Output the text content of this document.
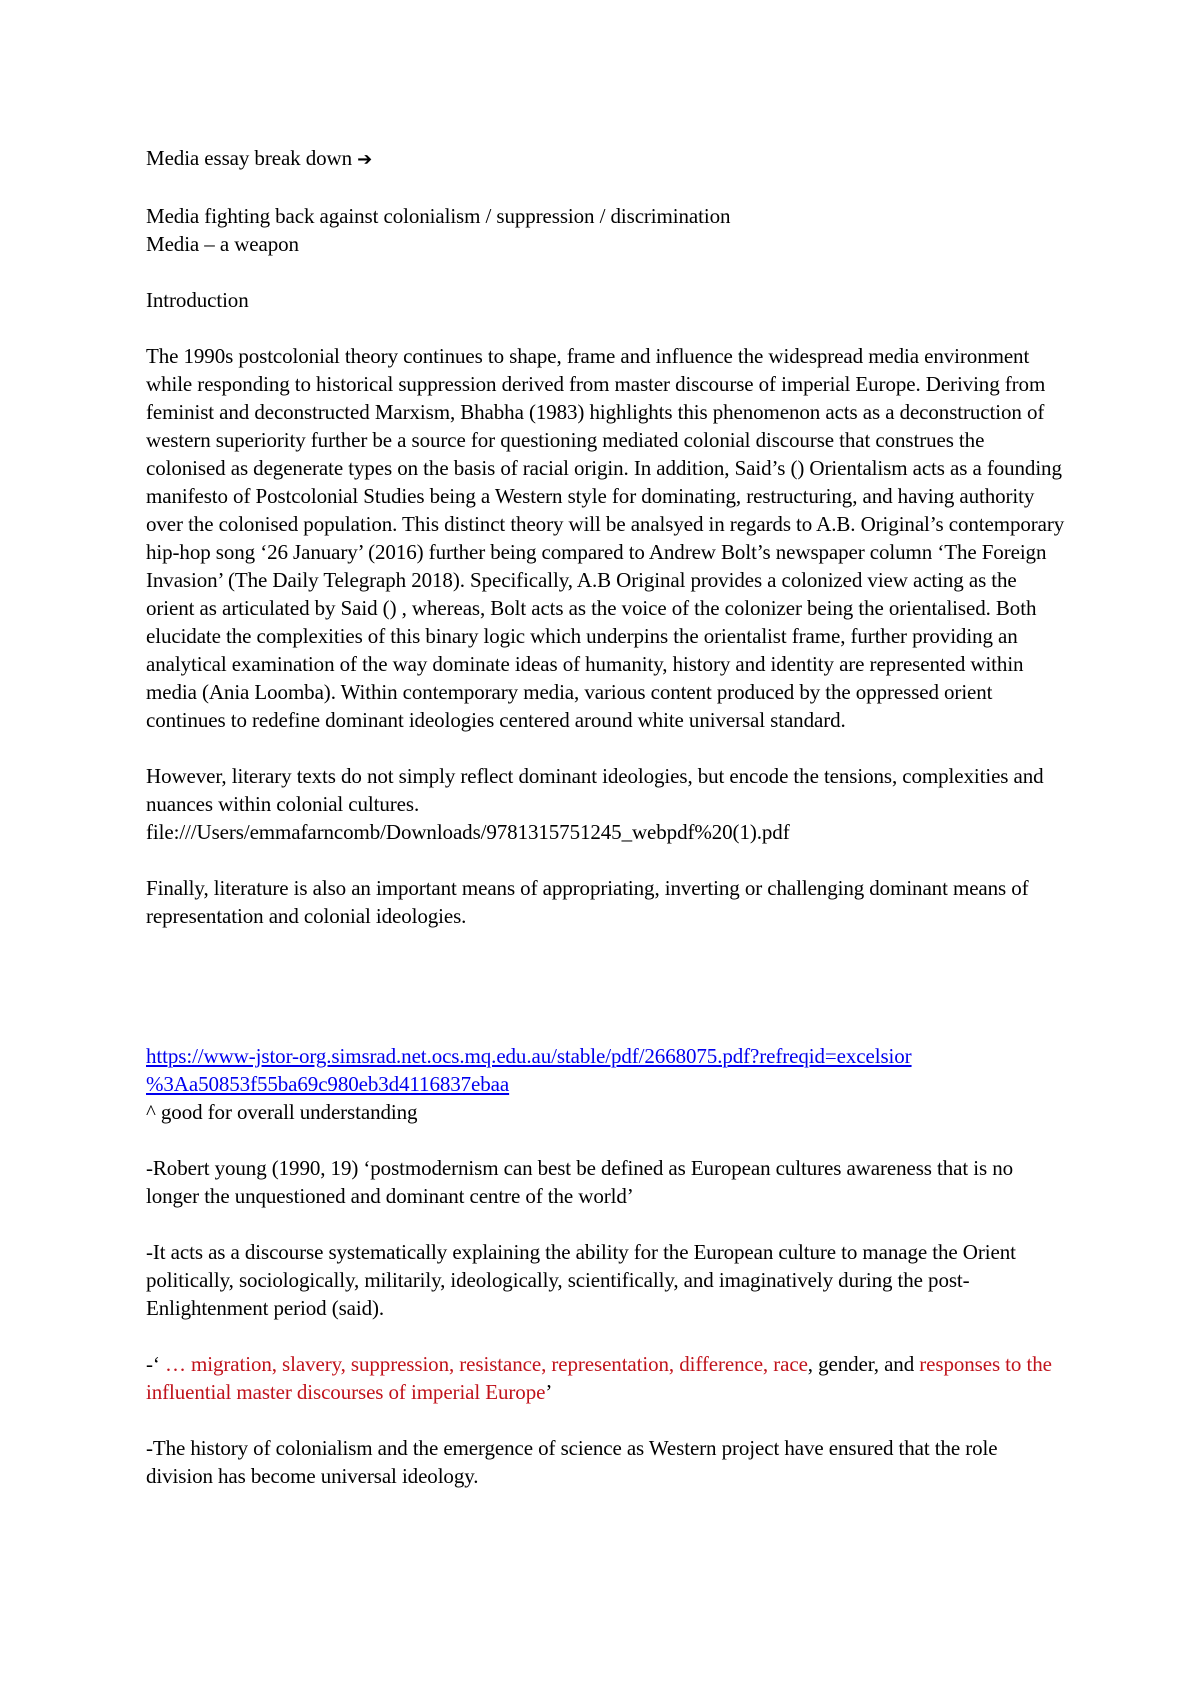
Media essay break down ➔

Media fighting back against colonialism / suppression / discrimination
Media – a weapon

Introduction

The 1990s postcolonial theory continues to shape, frame and influence the widespread media environment while responding to historical suppression derived from master discourse of imperial Europe. Deriving from feminist and deconstructed Marxism, Bhabha (1983) highlights this phenomenon acts as a deconstruction of western superiority further be a source for questioning mediated colonial discourse that construes the colonised as degenerate types on the basis of racial origin. In addition, Said’s () Orientalism acts as a founding manifesto of Postcolonial Studies being a Western style for dominating, restructuring, and having authority over the colonised population. This distinct theory will be analsyed in regards to A.B. Original’s contemporary hip-hop song ‘26 January’ (2016) further being compared to Andrew Bolt’s newspaper column ‘The Foreign Invasion’ (The Daily Telegraph 2018). Specifically, A.B Original provides a colonized view acting as the orient as articulated by Said () , whereas, Bolt acts as the voice of the colonizer being the orientalised. Both elucidate the complexities of this binary logic which underpins the orientalist frame, further providing an analytical examination of the way dominate ideas of humanity, history and identity are represented within media (Ania Loomba). Within contemporary media, various content produced by the oppressed orient continues to redefine dominant ideologies centered around white universal standard.

However, literary texts do not simply reflect dominant ideologies, but encode the tensions, complexities and nuances within colonial cultures.

file:///Users/emmafarncomb/Downloads/9781315751245_webpdf%20(1).pdf

Finally, literature is also an important means of appropriating, inverting or challenging dominant means of representation and colonial ideologies.

https://www-jstor-org.simsrad.net.ocs.mq.edu.au/stable/pdf/2668075.pdf?refreqid=excelsior
%3Aa50853f55ba69c980eb3d4116837ebaa

^ good for overall understanding

-Robert young (1990, 19) ‘postmodernism can best be defined as European cultures awareness that is no longer the unquestioned and dominant centre of the world’

-It acts as a discourse systematically explaining the ability for the European culture to manage the Orient politically, sociologically, militarily, ideologically, scientifically, and imaginatively during the post-Enlightenment period (said).

-‘ … migration, slavery, suppression, resistance, representation, difference, race, gender, and responses to the influential master discourses of imperial Europe’

-The history of colonialism and the emergence of science as Western project have ensured that the role division has become universal ideology.
